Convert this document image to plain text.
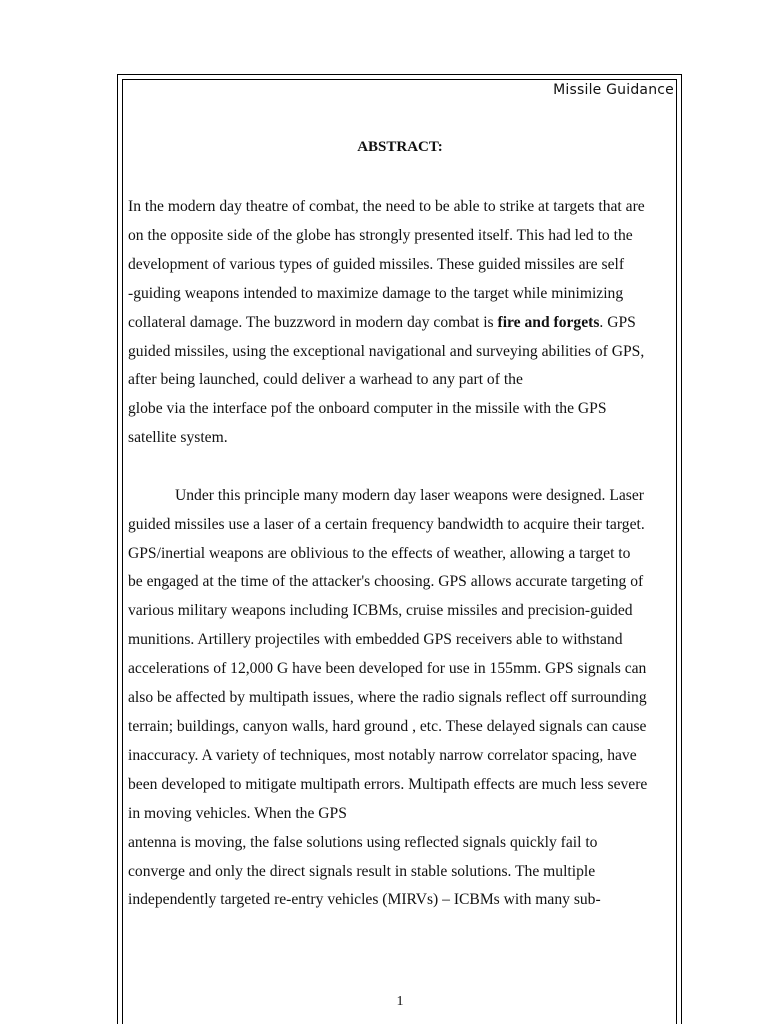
Missile Guidance
ABSTRACT:
In the modern day theatre of combat, the need to be able to strike at targets that are
on the opposite side of the globe has strongly presented itself. This had led to the
development of various types of guided missiles. These guided missiles are self
-guiding weapons intended to maximize damage to the target while minimizing
collateral damage. The buzzword in modern day combat is fire and forgets. GPS
guided missiles, using the exceptional navigational and surveying abilities of GPS,
after being launched, could deliver a warhead to any part of the
globe via the interface pof the onboard computer in the missile with the GPS
satellite system.
Under this principle many modern day laser weapons were designed. Laser
guided missiles use a laser of a certain frequency bandwidth to acquire their target.
GPS/inertial weapons are oblivious to the effects of weather, allowing a target to
be engaged at the time of the attacker's choosing. GPS allows accurate targeting of
various military weapons including ICBMs, cruise missiles and precision-guided
munitions. Artillery projectiles with embedded GPS receivers able to withstand
accelerations of 12,000 G have been developed for use in 155mm. GPS signals can
also be affected by multipath issues, where the radio signals reflect off surrounding
terrain; buildings, canyon walls, hard ground , etc. These delayed signals can cause
inaccuracy. A variety of techniques, most notably narrow correlator spacing, have
been developed to mitigate multipath errors. Multipath effects are much less severe
in moving vehicles. When the GPS
antenna is moving, the false solutions using reflected signals quickly fail to
converge and only the direct signals result in stable solutions. The multiple
independently targeted re-entry vehicles (MIRVs) – ICBMs with many sub-
1
